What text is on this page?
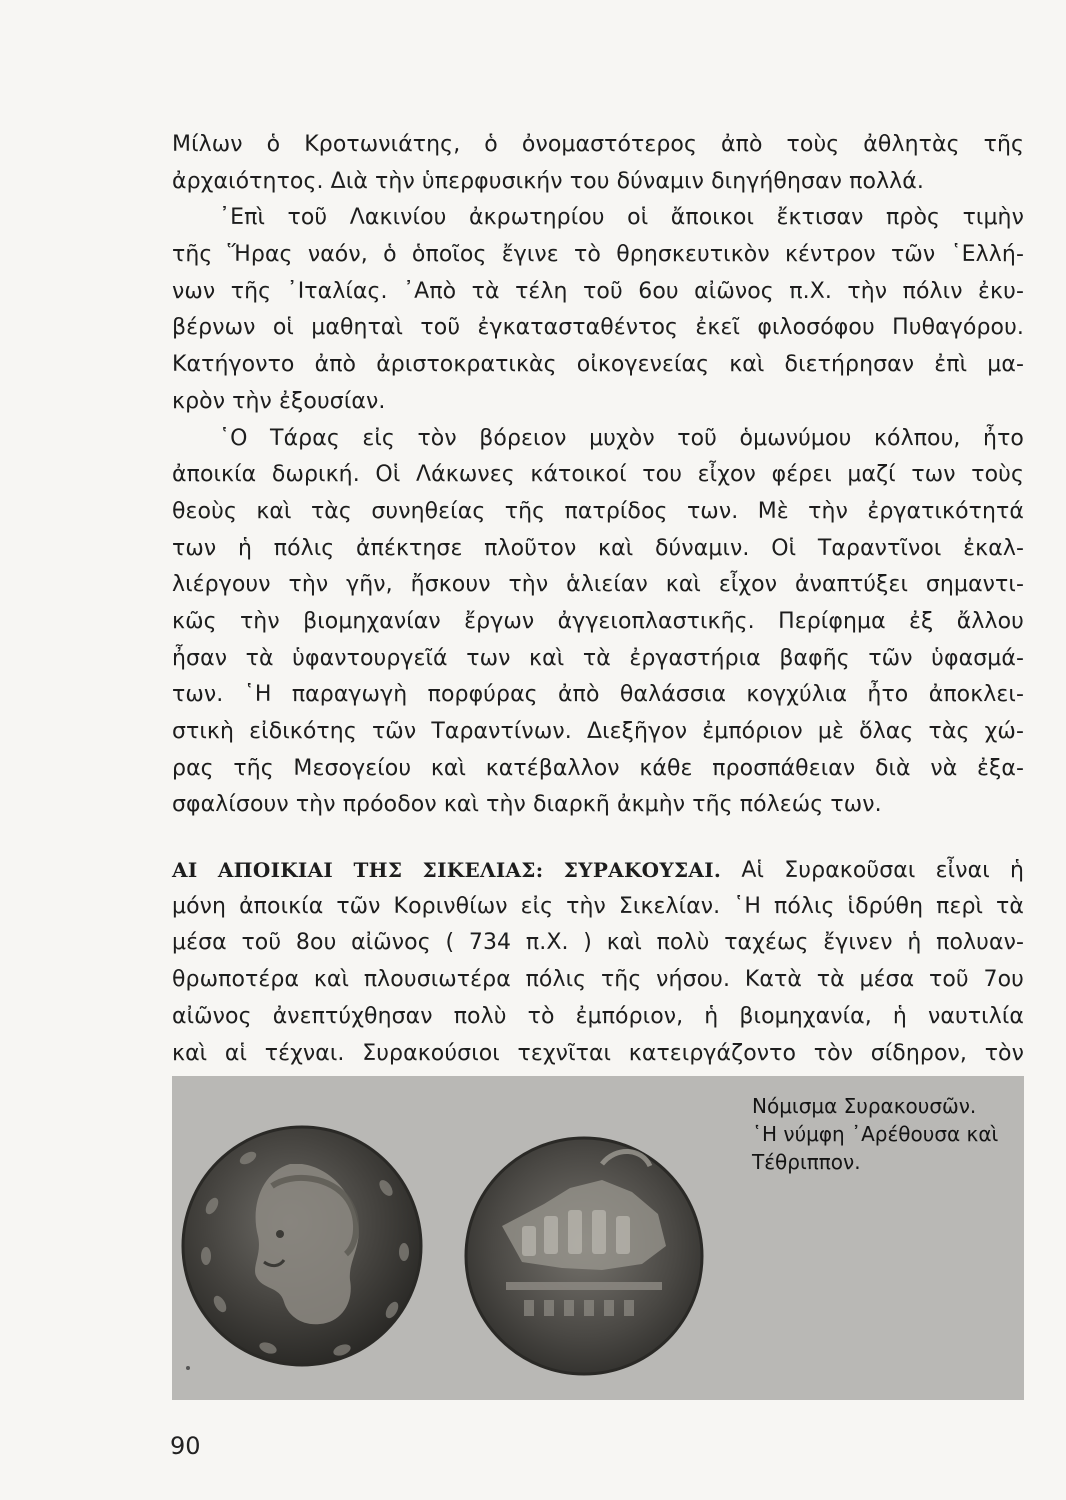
Μίλων ὁ Κροτωνιάτης, ὁ ὀνομαστότερος ἀπὸ τοὺς ἀθλητὰς τῆς
ἀρχαιότητος. Διὰ τὴν ὑπερφυσικήν του δύναμιν διηγήθησαν πολλά.
᾿Επὶ τοῦ Λακινίου ἀκρωτηρίου οἱ ἄποικοι ἔκτισαν πρὸς τιμὴν
τῆς Ἥρας ναόν, ὁ ὁποῖος ἔγινε τὸ θρησκευτικὸν κέντρον τῶν ῾Ελλή-
νων τῆς ᾿Ιταλίας. ᾿Απὸ τὰ τέλη τοῦ 6ου αἰῶνος π.Χ. τὴν πόλιν ἐκυ-
βέρνων οἱ μαθηταὶ τοῦ ἐγκατασταθέντος ἐκεῖ φιλοσόφου Πυθαγόρου.
Κατήγοντο ἀπὸ ἀριστοκρατικὰς οἰκογενείας καὶ διετήρησαν ἐπὶ μα-
κρὸν τὴν ἐξουσίαν.
῾Ο Τάρας εἰς τὸν βόρειον μυχὸν τοῦ ὁμωνύμου κόλπου, ἦτο
ἀποικία δωρική. Οἱ Λάκωνες κάτοικοί του εἶχον φέρει μαζί των τοὺς
θεοὺς καὶ τὰς συνηθείας τῆς πατρίδος των. Μὲ τὴν ἐργατικότητά
των ἡ πόλις ἀπέκτησε πλοῦτον καὶ δύναμιν. Οἱ Ταραντῖνοι ἐκαλ-
λιέργουν τὴν γῆν, ἤσκουν τὴν ἁλιείαν καὶ εἶχον ἀναπτύξει σημαντι-
κῶς τὴν βιομηχανίαν ἔργων ἀγγειοπλαστικῆς. Περίφημα ἐξ ἄλλου
ἦσαν τὰ ὑφαντουργεῖά των καὶ τὰ ἐργαστήρια βαφῆς τῶν ὑφασμά-
των. ῾Η παραγωγὴ πορφύρας ἀπὸ θαλάσσια κογχύλια ἦτο ἀποκλει-
στικὴ εἰδικότης τῶν Ταραντίνων. Διεξῆγον ἐμπόριον μὲ ὅλας τὰς χώ-
ρας τῆς Μεσογείου καὶ κατέβαλλον κάθε προσπάθειαν διὰ νὰ ἐξα-
σφαλίσουν τὴν πρόοδον καὶ τὴν διαρκῆ ἀκμὴν τῆς πόλεώς των.
ΑΙ ΑΠΟΙΚΙΑΙ ΤΗΣ ΣΙΚΕΛΙΑΣ: ΣΥΡΑΚΟΥΣΑΙ. Αἱ Συρακοῦσαι εἶναι ἡ
μόνη ἀποικία τῶν Κορινθίων εἰς τὴν Σικελίαν. ῾Η πόλις ἱδρύθη περὶ τὰ
μέσα τοῦ 8ου αἰῶνος ( 734 π.Χ. ) καὶ πολὺ ταχέως ἔγινεν ἡ πολυαν-
θρωποτέρα καὶ πλουσιωτέρα πόλις τῆς νήσου. Κατὰ τὰ μέσα τοῦ 7ου
αἰῶνος ἀνεπτύχθησαν πολὺ τὸ ἐμπόριον, ἡ βιομηχανία, ἡ ναυτιλία
καὶ αἱ τέχναι. Συρακούσιοι τεχνῖται κατειργάζοντο τὸν σίδηρον, τὸν
Νόμισμα Συρακουσῶν.
῾Η νύμφη ᾿Αρέθουσα καὶ
Τέθριππον.
90
